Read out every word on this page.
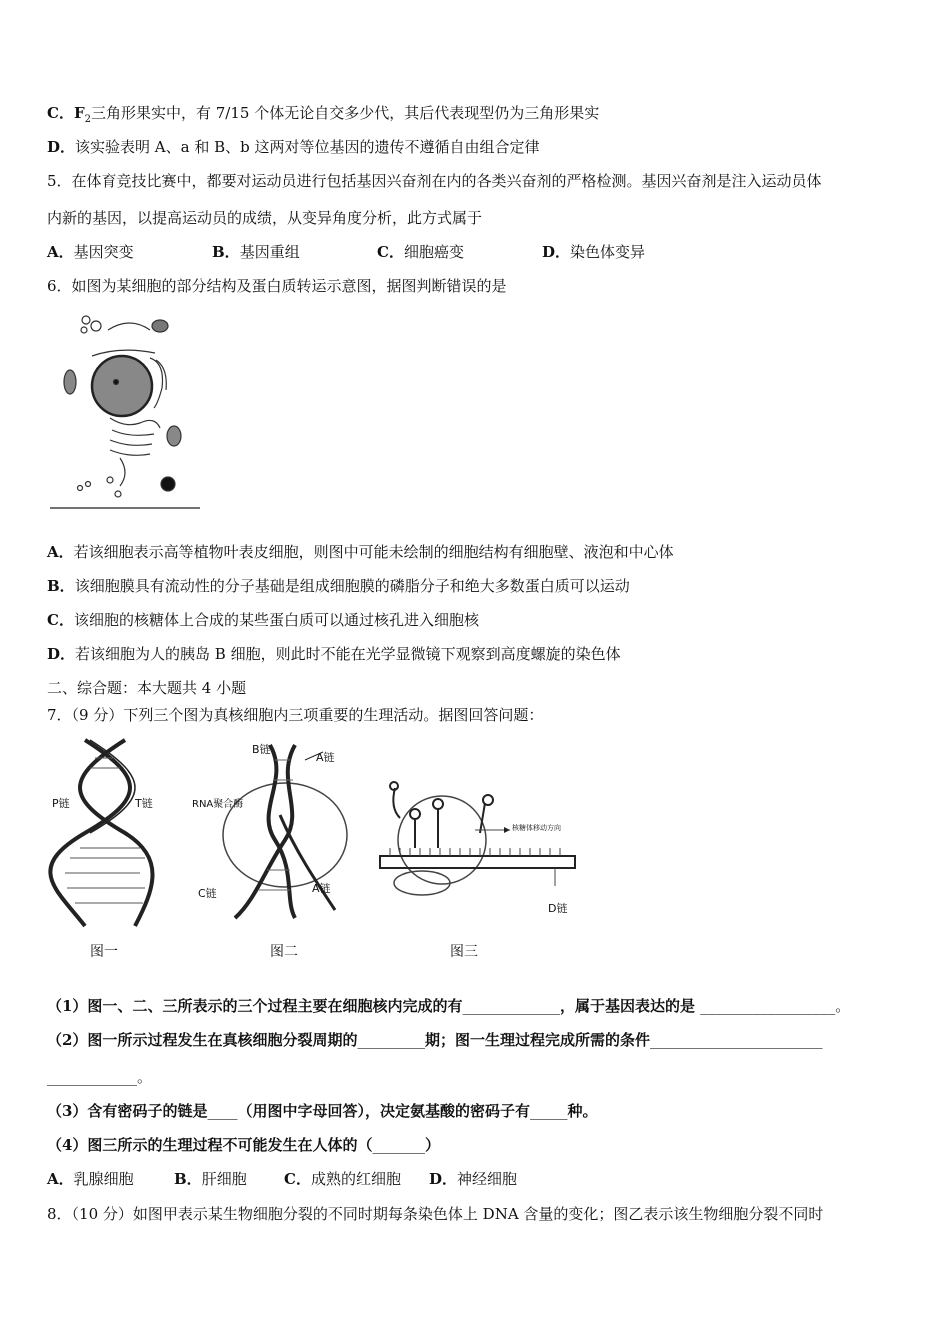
C．$F_2$三角形果实中，有 7/15 个体无论自交多少代，其后代表现型仍为三角形果实
D．该实验表明 A、a 和 B、b 这两对等位基因的遗传不遵循自由组合定律
5．在体育竞技比赛中，都要对运动员进行包括基因兴奋剂在内的各类兴奋剂的严格检测。基因兴奋剂是注入运动员体
内新的基因，以提高运动员的成绩，从变异角度分析，此方式属于
A．基因突变	B．基因重组	C．细胞癌变	D．染色体变异
6．如图为某细胞的部分结构及蛋白质转运示意图，据图判断错误的是
A．若该细胞表示高等植物叶表皮细胞，则图中可能未绘制的细胞结构有细胞壁、液泡和中心体
B．该细胞膜具有流动性的分子基础是组成细胞膜的磷脂分子和绝大多数蛋白质可以运动
C．该细胞的核糖体上合成的某些蛋白质可以通过核孔进入细胞核
D．若该细胞为人的胰岛 B 细胞，则此时不能在光学显微镜下观察到高度螺旋的染色体
二、综合题：本大题共 4 小题
7．（9 分）下列三个图为真核细胞内三项重要的生理活动。据图回答问题：
P链	T链
图一
B链
A链
RNA聚合酶
C链	A链
图二
核糖体移动方向
D链
图三
（1）图一、二、三所表示的三个过程主要在细胞核内完成的有_____________，属于基因表达的是 __________________。
（2）图一所示过程发生在真核细胞分裂周期的_________期；图一生理过程完成所需的条件_______________________
____________。
（3）含有密码子的链是____（用图中字母回答），决定氨基酸的密码子有_____种。
（4）图三所示的生理过程不可能发生在人体的（_______）
A．乳腺细胞	B．肝细胞 C．成熟的红细胞 D．神经细胞
8．（10 分）如图甲表示某生物细胞分裂的不同时期每条染色体上 DNA 含量的变化；图乙表示该生物细胞分裂不同时
